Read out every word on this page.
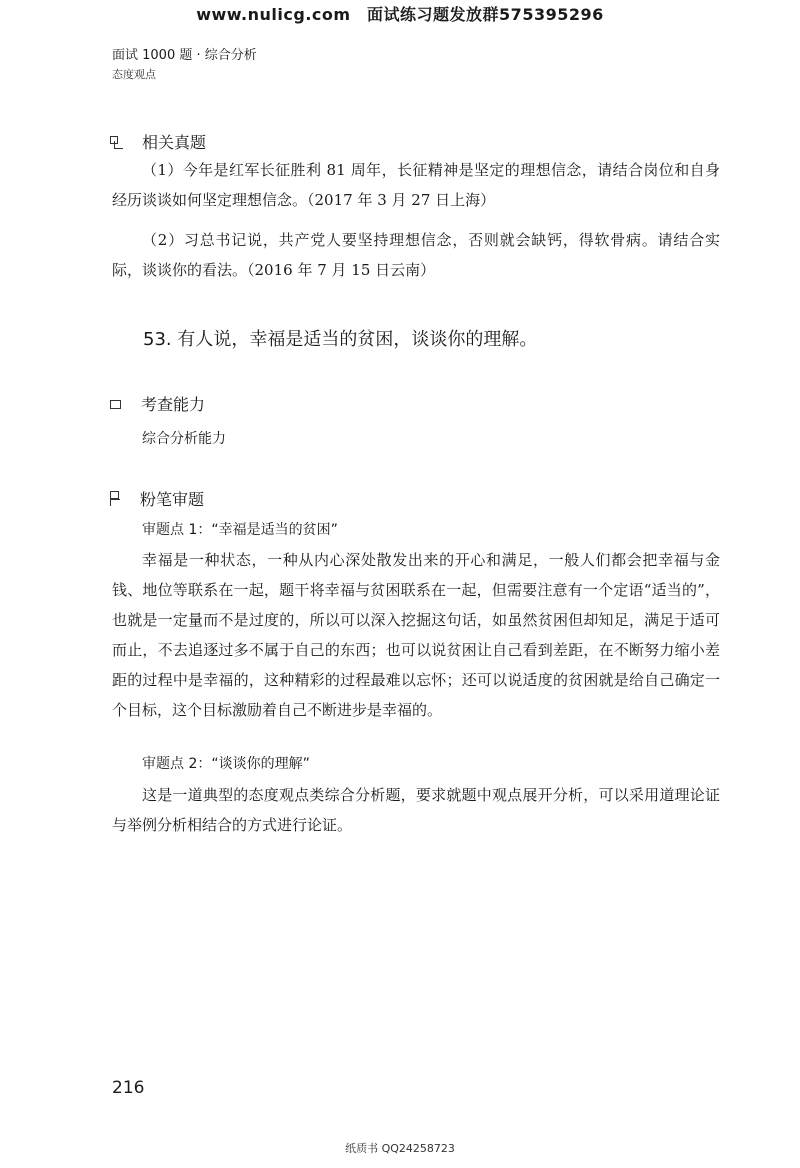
www.nulicg.com　面试练习题发放群575395296
面试 1000 题 · 综合分析
态度观点
相关真题

（1）今年是红军长征胜利 81 周年，长征精神是坚定的理想信念，请结合岗位和自身经历谈谈如何坚定理想信念。（2017 年 3 月 27 日上海）

（2）习总书记说，共产党人要坚持理想信念，否则就会缺钙，得软骨病。请结合实际，谈谈你的看法。（2016 年 7 月 15 日云南）

53. 有人说，幸福是适当的贫困，谈谈你的理解。
考查能力
综合分析能力
粉笔审题
审题点 1：“幸福是适当的贫困”

幸福是一种状态，一种从内心深处散发出来的开心和满足，一般人们都会把幸福与金钱、地位等联系在一起，题干将幸福与贫困联系在一起，但需要注意有一个定语“适当的”，也就是一定量而不是过度的，所以可以深入挖掘这句话，如虽然贫困但却知足，满足于适可而止，不去追逐过多不属于自己的东西；也可以说贫困让自己看到差距，在不断努力缩小差距的过程中是幸福的，这种精彩的过程最难以忘怀；还可以说适度的贫困就是给自己确定一个目标，这个目标激励着自己不断进步是幸福的。

审题点 2：“谈谈你的理解”

这是一道典型的态度观点类综合分析题，要求就题中观点展开分析，可以采用道理论证与举例分析相结合的方式进行论证。

216
纸质书 QQ24258723
